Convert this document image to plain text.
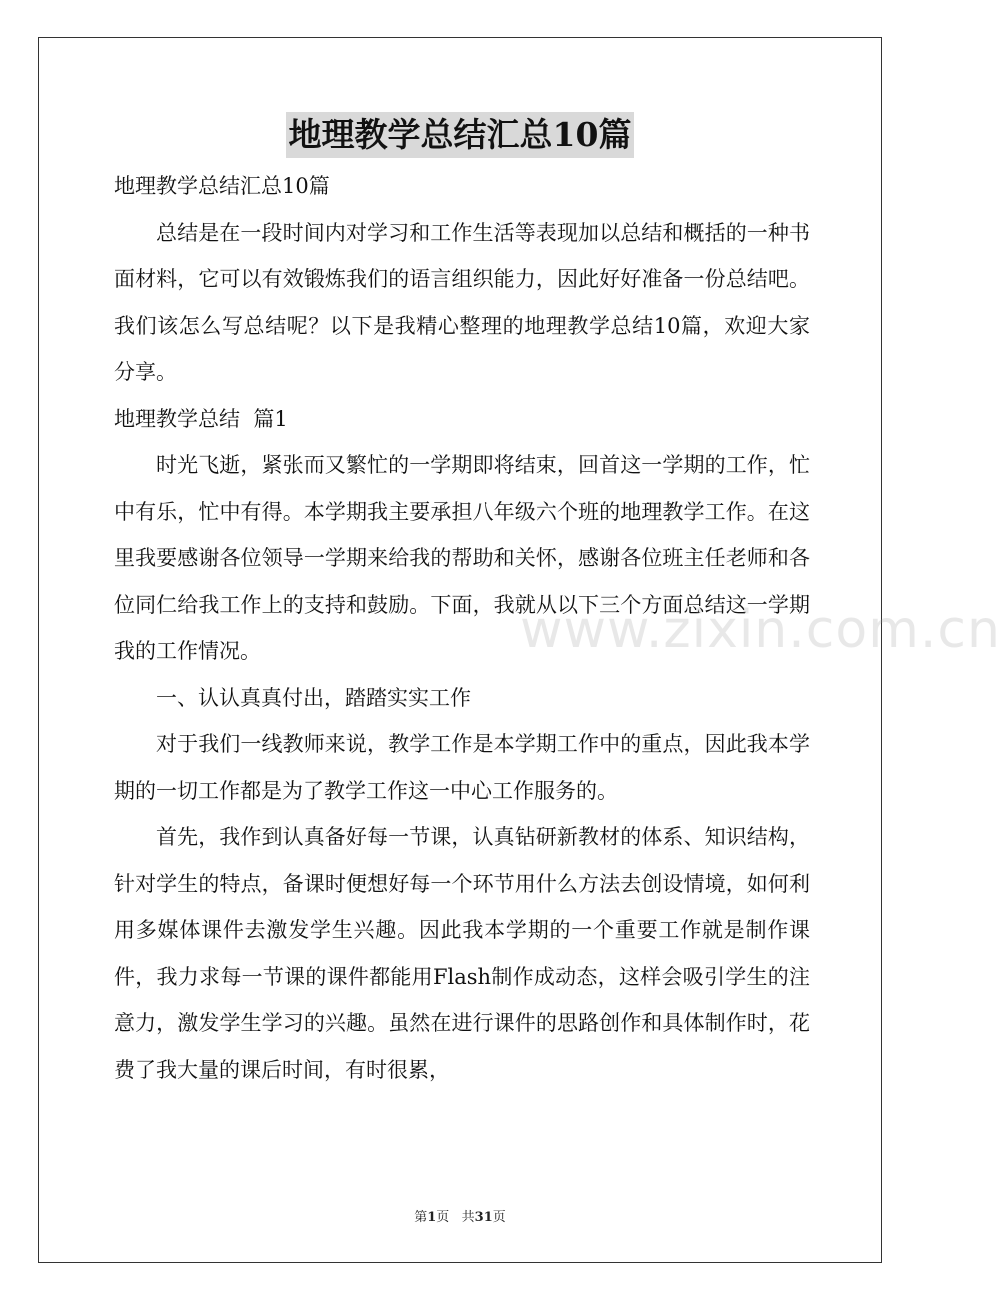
地理教学总结汇总10篇
地理教学总结汇总10篇

总结是在一段时间内对学习和工作生活等表现加以总结和概括的一种书面材料，它可以有效锻炼我们的语言组织能力，因此好好准备一份总结吧。我们该怎么写总结呢？以下是我精心整理的地理教学总结10篇，欢迎大家分享。

地理教学总结  篇1

时光飞逝，紧张而又繁忙的一学期即将结束，回首这一学期的工作，忙中有乐，忙中有得。本学期我主要承担八年级六个班的地理教学工作。在这里我要感谢各位领导一学期来给我的帮助和关怀，感谢各位班主任老师和各位同仁给我工作上的支持和鼓励。下面，我就从以下三个方面总结这一学期我的工作情况。

一、认认真真付出，踏踏实实工作

对于我们一线教师来说，教学工作是本学期工作中的重点，因此我本学期的一切工作都是为了教学工作这一中心工作服务的。

首先，我作到认真备好每一节课，认真钻研新教材的体系、知识结构，针对学生的特点，备课时便想好每一个环节用什么方法去创设情境，如何利用多媒体课件去激发学生兴趣。因此我本学期的一个重要工作就是制作课件，我力求每一节课的课件都能用Flash制作成动态，这样会吸引学生的注意力，激发学生学习的兴趣。虽然在进行课件的思路创作和具体制作时，花费了我大量的课后时间，有时很累，

www.zixin.com.cn
第1页   共31页
